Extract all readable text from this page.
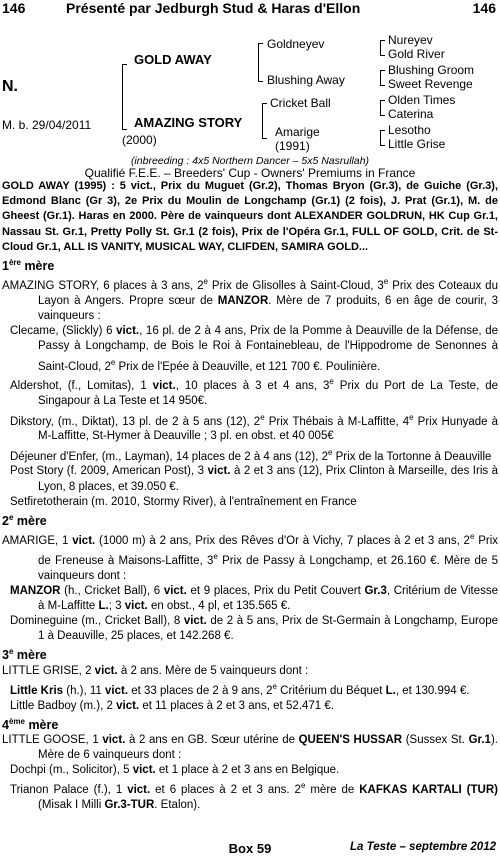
146	Présenté par Jedburgh Stud & Haras d'Ellon	146
N.
M. b. 29/04/2011
GOLD AWAY
AMAZING STORY
(2000)
Goldneyev
Blushing Away
Cricket Ball
Amarige
(1991)
Nureyev
Gold River
Blushing Groom
Sweet Revenge
Olden Times
Caterina
Lesotho
Little Grise
(inbreeding : 4x5 Northern Dancer – 5x5 Nasrullah)
Qualifié F.E.E. – Breeders' Cup - Owners' Premiums in France

GOLD AWAY (1995) : 5 vict., Prix du Muguet (Gr.2), Thomas Bryon (Gr.3), de Guiche (Gr.3), Edmond Blanc (Gr 3), 2e Prix du Moulin de Longchamp (Gr.1) (2 fois), J. Prat (Gr.1), M. de Gheest (Gr.1). Haras en 2000. Père de vainqueurs dont ALEXANDER GOLDRUN, HK Cup Gr.1, Nassau St. Gr.1, Pretty Polly St. Gr.1 (2 fois), Prix de l'Opéra Gr.1, FULL OF GOLD, Crit. de St-Cloud Gr.1, ALL IS VANITY, MUSICAL WAY, CLIFDEN, SAMIRA GOLD...

1ère mère

AMAZING STORY, 6 places à 3 ans, 2e Prix de Glisolles à Saint-Cloud, 3e Prix des Coteaux du Layon à Angers. Propre sœur de MANZOR. Mère de 7 produits, 6 en âge de courir, 3 vainqueurs :

Clecame, (Slickly) 6 vict., 16 pl. de 2 à 4 ans, Prix de la Pomme à Deauville de la Défense, de Passy à Longchamp, de Bois le Roi à Fontainebleau, de l'Hippodrome de Senonnes à Saint-Cloud, 2e Prix de l'Epée à Deauville, et 121 700 €. Poulinière.

Aldershot, (f., Lomitas), 1 vict., 10 places à 3 et 4 ans, 3e Prix du Port de La Teste, de Singapour à La Teste et 14 950€.

Dikstory, (m., Diktat), 13 pl. de 2 à 5 ans (12), 2e Prix Thébais à M-Laffitte, 4e Prix Hunyade à M-Laffitte, St-Hymer à Deauville ; 3 pl. en obst. et 40 005€

Déjeuner d'Enfer, (m., Layman), 14 places de 2 à 4 ans (12), 2e Prix de la Tortonne à Deauville

Post Story (f. 2009, American Post), 3 vict. à 2 et 3 ans (12), Prix Clinton à Marseille, des Iris à Lyon, 8 places, et 39.050 €.

Setfiretotherain (m. 2010, Stormy River), à l'entraînement en France

2e mère

AMARIGE, 1 vict. (1000 m) à 2 ans, Prix des Rêves d'Or à Vichy, 7 places à 2 et 3 ans, 2e Prix de Freneuse à Maisons-Laffitte, 3e Prix de Passy à Longchamp, et 26.160 €. Mère de 5 vainqueurs dont :

MANZOR (h., Cricket Ball), 6 vict. et 9 places, Prix du Petit Couvert Gr.3, Critérium de Vitesse à M-Laffitte L.; 3 vict. en obst., 4 pl, et 135.565 €.

Domineguine (m., Cricket Ball), 8 vict. de 2 à 5 ans, Prix de St-Germain à Longchamp, Europe 1 à Deauville, 25 places, et 142.268 €.

3e mère

LITTLE GRISE, 2 vict. à 2 ans. Mère de 5 vainqueurs dont :

Little Kris (h.), 11 vict. et 33 places de 2 à 9 ans, 2e Critérium du Béquet L., et 130.994 €.

Little Badboy (m.), 2 vict. et 11 places à 2 et 3 ans, et 52.471 €.

4ème mère

LITTLE GOOSE, 1 vict. à 2 ans en GB. Sœur utérine de QUEEN'S HUSSAR (Sussex St. Gr.1). Mère de 6 vainqueurs dont :

Dochpi (m., Solicitor), 5 vict. et 1 place à 2 et 3 ans en Belgique.

Trianon Palace (f.), 1 vict. et 6 places à 2 et 3 ans. 2e mère de KAFKAS KARTALI (TUR) (Misak I Milli Gr.3-TUR. Etalon).

Box 59	La Teste – septembre 2012
